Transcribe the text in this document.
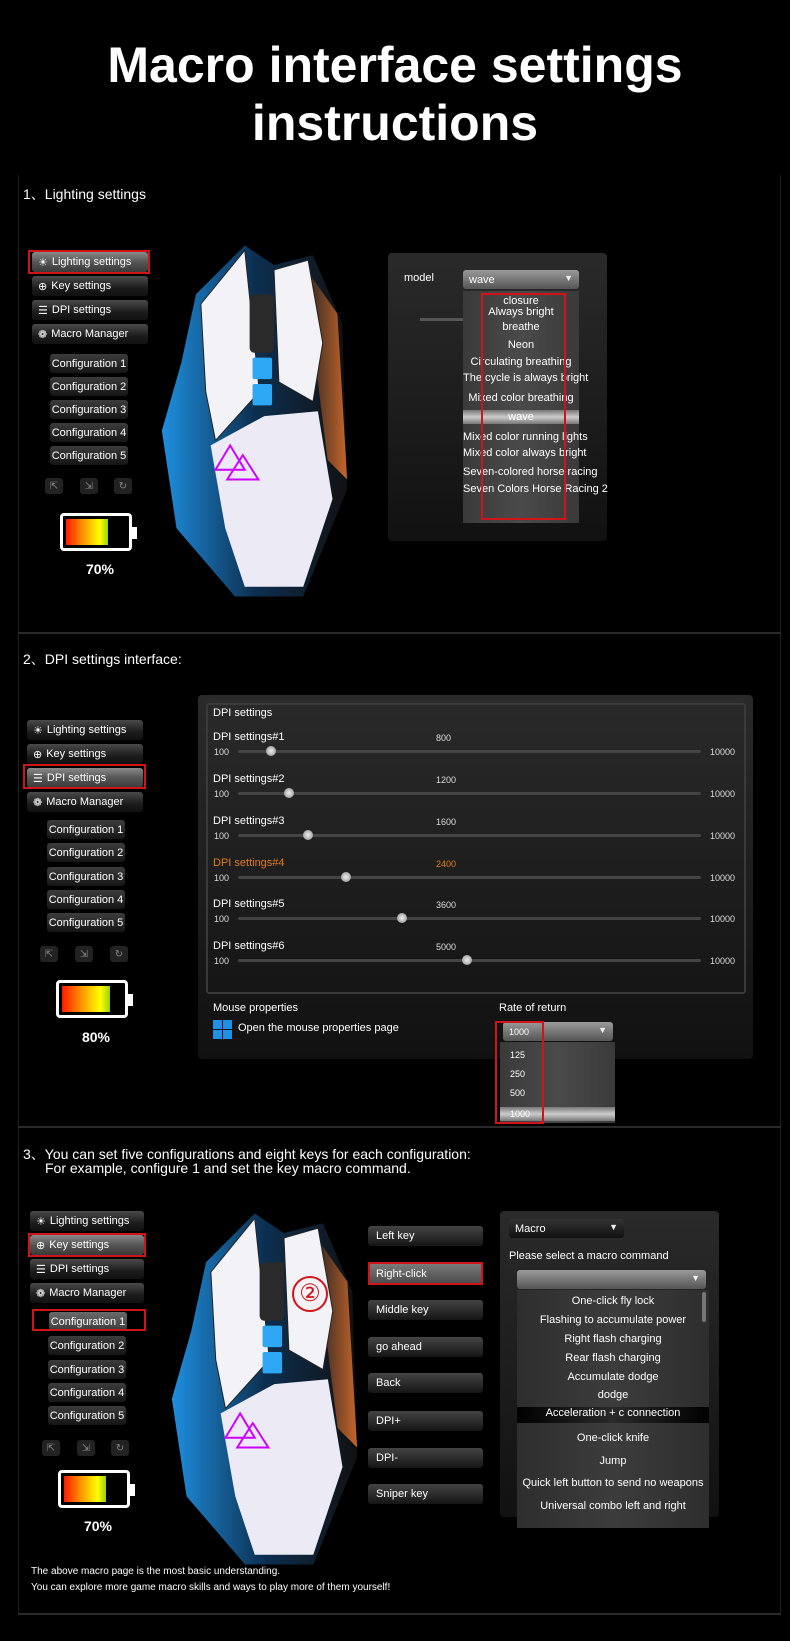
Macro interface settings
instructions
1、Lighting settings
☀ Lighting settings
⊕ Key settings
☰ DPI settings
❁ Macro Manager
Configuration 1
Configuration 2
Configuration 3
Configuration 4
Configuration 5
⇱	⇲	↻
70%
model	wave	▼
closure
Always bright
breathe
Neon
Circulating breathing
The cycle is always bright
Mixed color breathing
wave
Mixed color running lights
Mixed color always bright
Seven-colored horse racing
Seven Colors Horse Racing 2
2、DPI settings interface:
☀ Lighting settings
⊕ Key settings
☰ DPI settings
❁ Macro Manager
Configuration 1
Configuration 2
Configuration 3
Configuration 4
Configuration 5
⇱	⇲	↻
80%
DPI settings
DPI settings#1	800
100	10000
DPI settings#2	1200
100	10000
DPI settings#3	1600
100	10000
DPI settings#4	2400
100	10000
DPI settings#5	3600
100	10000
DPI settings#6	5000
100	10000
Mouse properties
Open the mouse properties page
Rate of return
1000	▼
125
250
500
1000
3、You can set five configurations and eight keys for each configuration:
For example, configure 1 and set the key macro command.
☀ Lighting settings
⊕ Key settings
☰ DPI settings
❁ Macro Manager
Configuration 1
Configuration 2
Configuration 3
Configuration 4
Configuration 5
⇱	⇲	↻
70%
②
Left key
Right-click
Middle key
go ahead
Back
DPI+
DPI-
Sniper key
Macro	▼
Please select a macro command
▼
One-click fly lock
Flashing to accumulate power
Right flash charging
Rear flash charging
Accumulate dodge
dodge
Acceleration + c connection
One-click knife
Jump
Quick left button to send no weapons
Universal combo left and right
The above macro page is the most basic understanding.
You can explore more game macro skills and ways to play more of them yourself!
